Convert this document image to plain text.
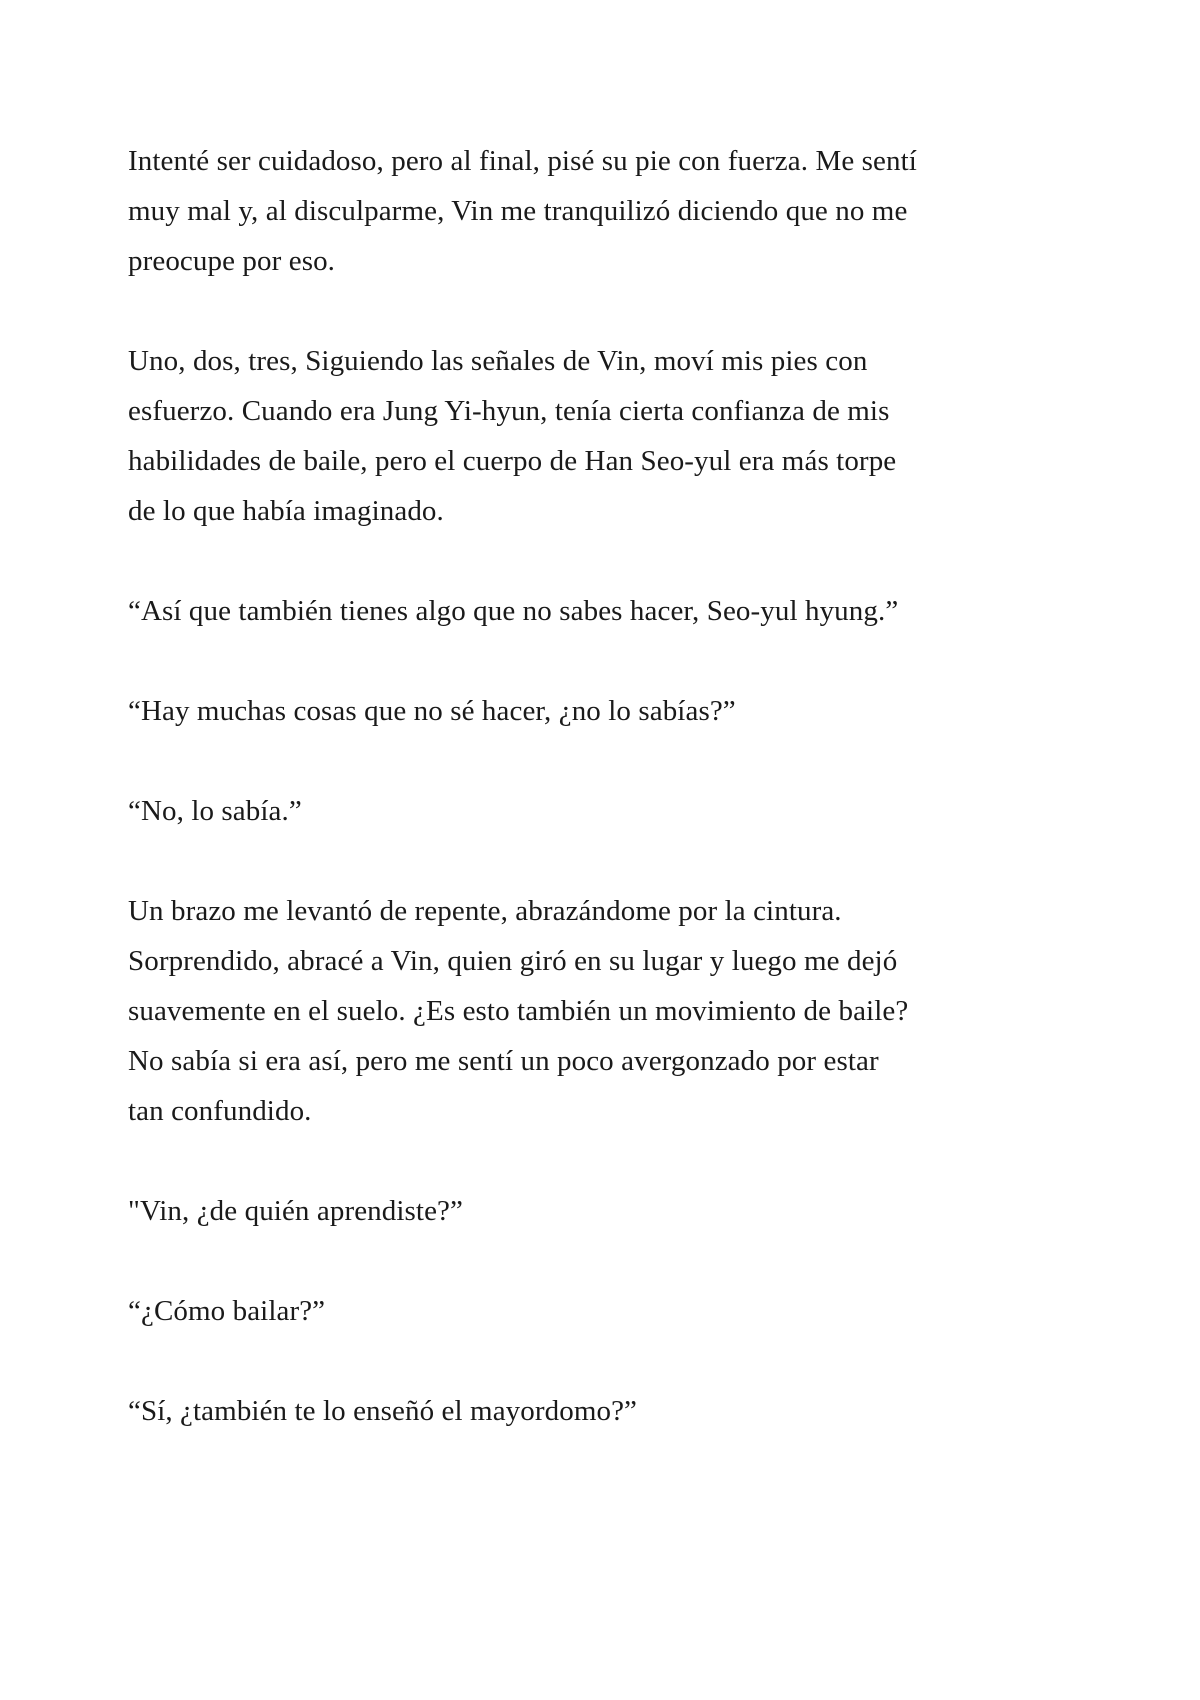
Intenté ser cuidadoso, pero al final, pisé su pie con fuerza. Me sentí
muy mal y, al disculparme, Vin me tranquilizó diciendo que no me
preocupe por eso.

Uno, dos, tres, Siguiendo las señales de Vin, moví mis pies con
esfuerzo. Cuando era Jung Yi-hyun, tenía cierta confianza de mis
habilidades de baile, pero el cuerpo de Han Seo-yul era más torpe
de lo que había imaginado.

“Así que también tienes algo que no sabes hacer, Seo-yul hyung.”

“Hay muchas cosas que no sé hacer, ¿no lo sabías?”

“No, lo sabía.”

Un brazo me levantó de repente, abrazándome por la cintura.
Sorprendido, abracé a Vin, quien giró en su lugar y luego me dejó
suavemente en el suelo. ¿Es esto también un movimiento de baile?
No sabía si era así, pero me sentí un poco avergonzado por estar
tan confundido.

"Vin, ¿de quién aprendiste?”

“¿Cómo bailar?”

“Sí, ¿también te lo enseñó el mayordomo?”
